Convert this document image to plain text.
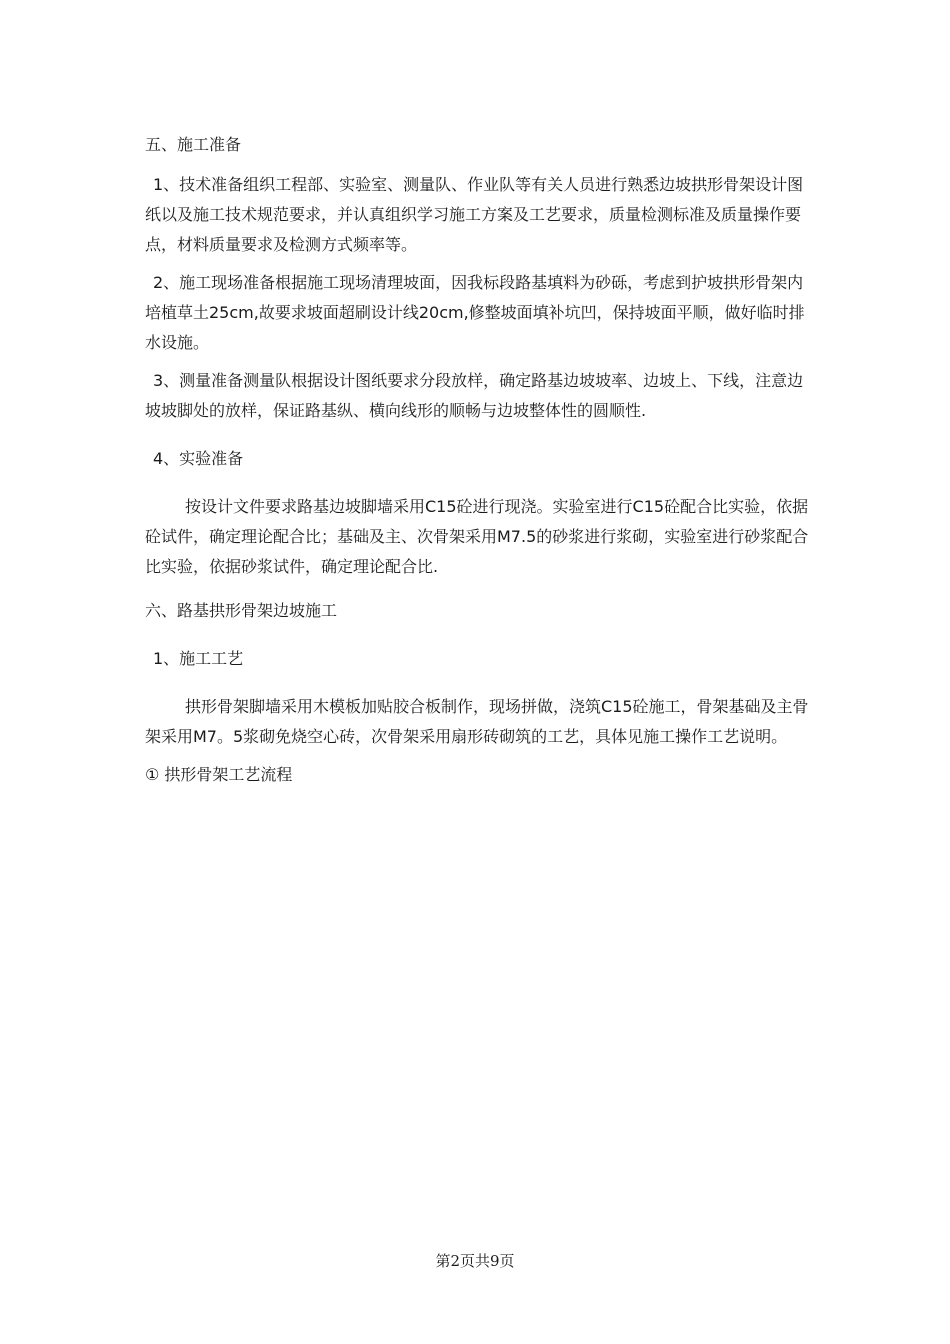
五、施工准备

1、技术准备组织工程部、实验室、测量队、作业队等有关人员进行熟悉边坡拱形骨架设计图纸以及施工技术规范要求，并认真组织学习施工方案及工艺要求，质量检测标准及质量操作要点，材料质量要求及检测方式频率等。

2、施工现场准备根据施工现场清理坡面，因我标段路基填料为砂砾，考虑到护坡拱形骨架内培植草土25cm,故要求坡面超刷设计线20cm,修整坡面填补坑凹，保持坡面平顺，做好临时排水设施。

3、测量准备测量队根据设计图纸要求分段放样，确定路基边坡坡率、边坡上、下线，注意边坡坡脚处的放样，保证路基纵、横向线形的顺畅与边坡整体性的圆顺性.

4、实验准备

按设计文件要求路基边坡脚墙采用C15砼进行现浇。实验室进行C15砼配合比实验，依据砼试件，确定理论配合比；基础及主、次骨架采用M7.5的砂浆进行浆砌，实验室进行砂浆配合比实验，依据砂浆试件，确定理论配合比.

六、路基拱形骨架边坡施工

1、施工工艺

拱形骨架脚墙采用木模板加贴胶合板制作，现场拼做，浇筑C15砼施工，骨架基础及主骨架采用M7。5浆砌免烧空心砖，次骨架采用扇形砖砌筑的工艺，具体见施工操作工艺说明。

① 拱形骨架工艺流程

第2页共9页
